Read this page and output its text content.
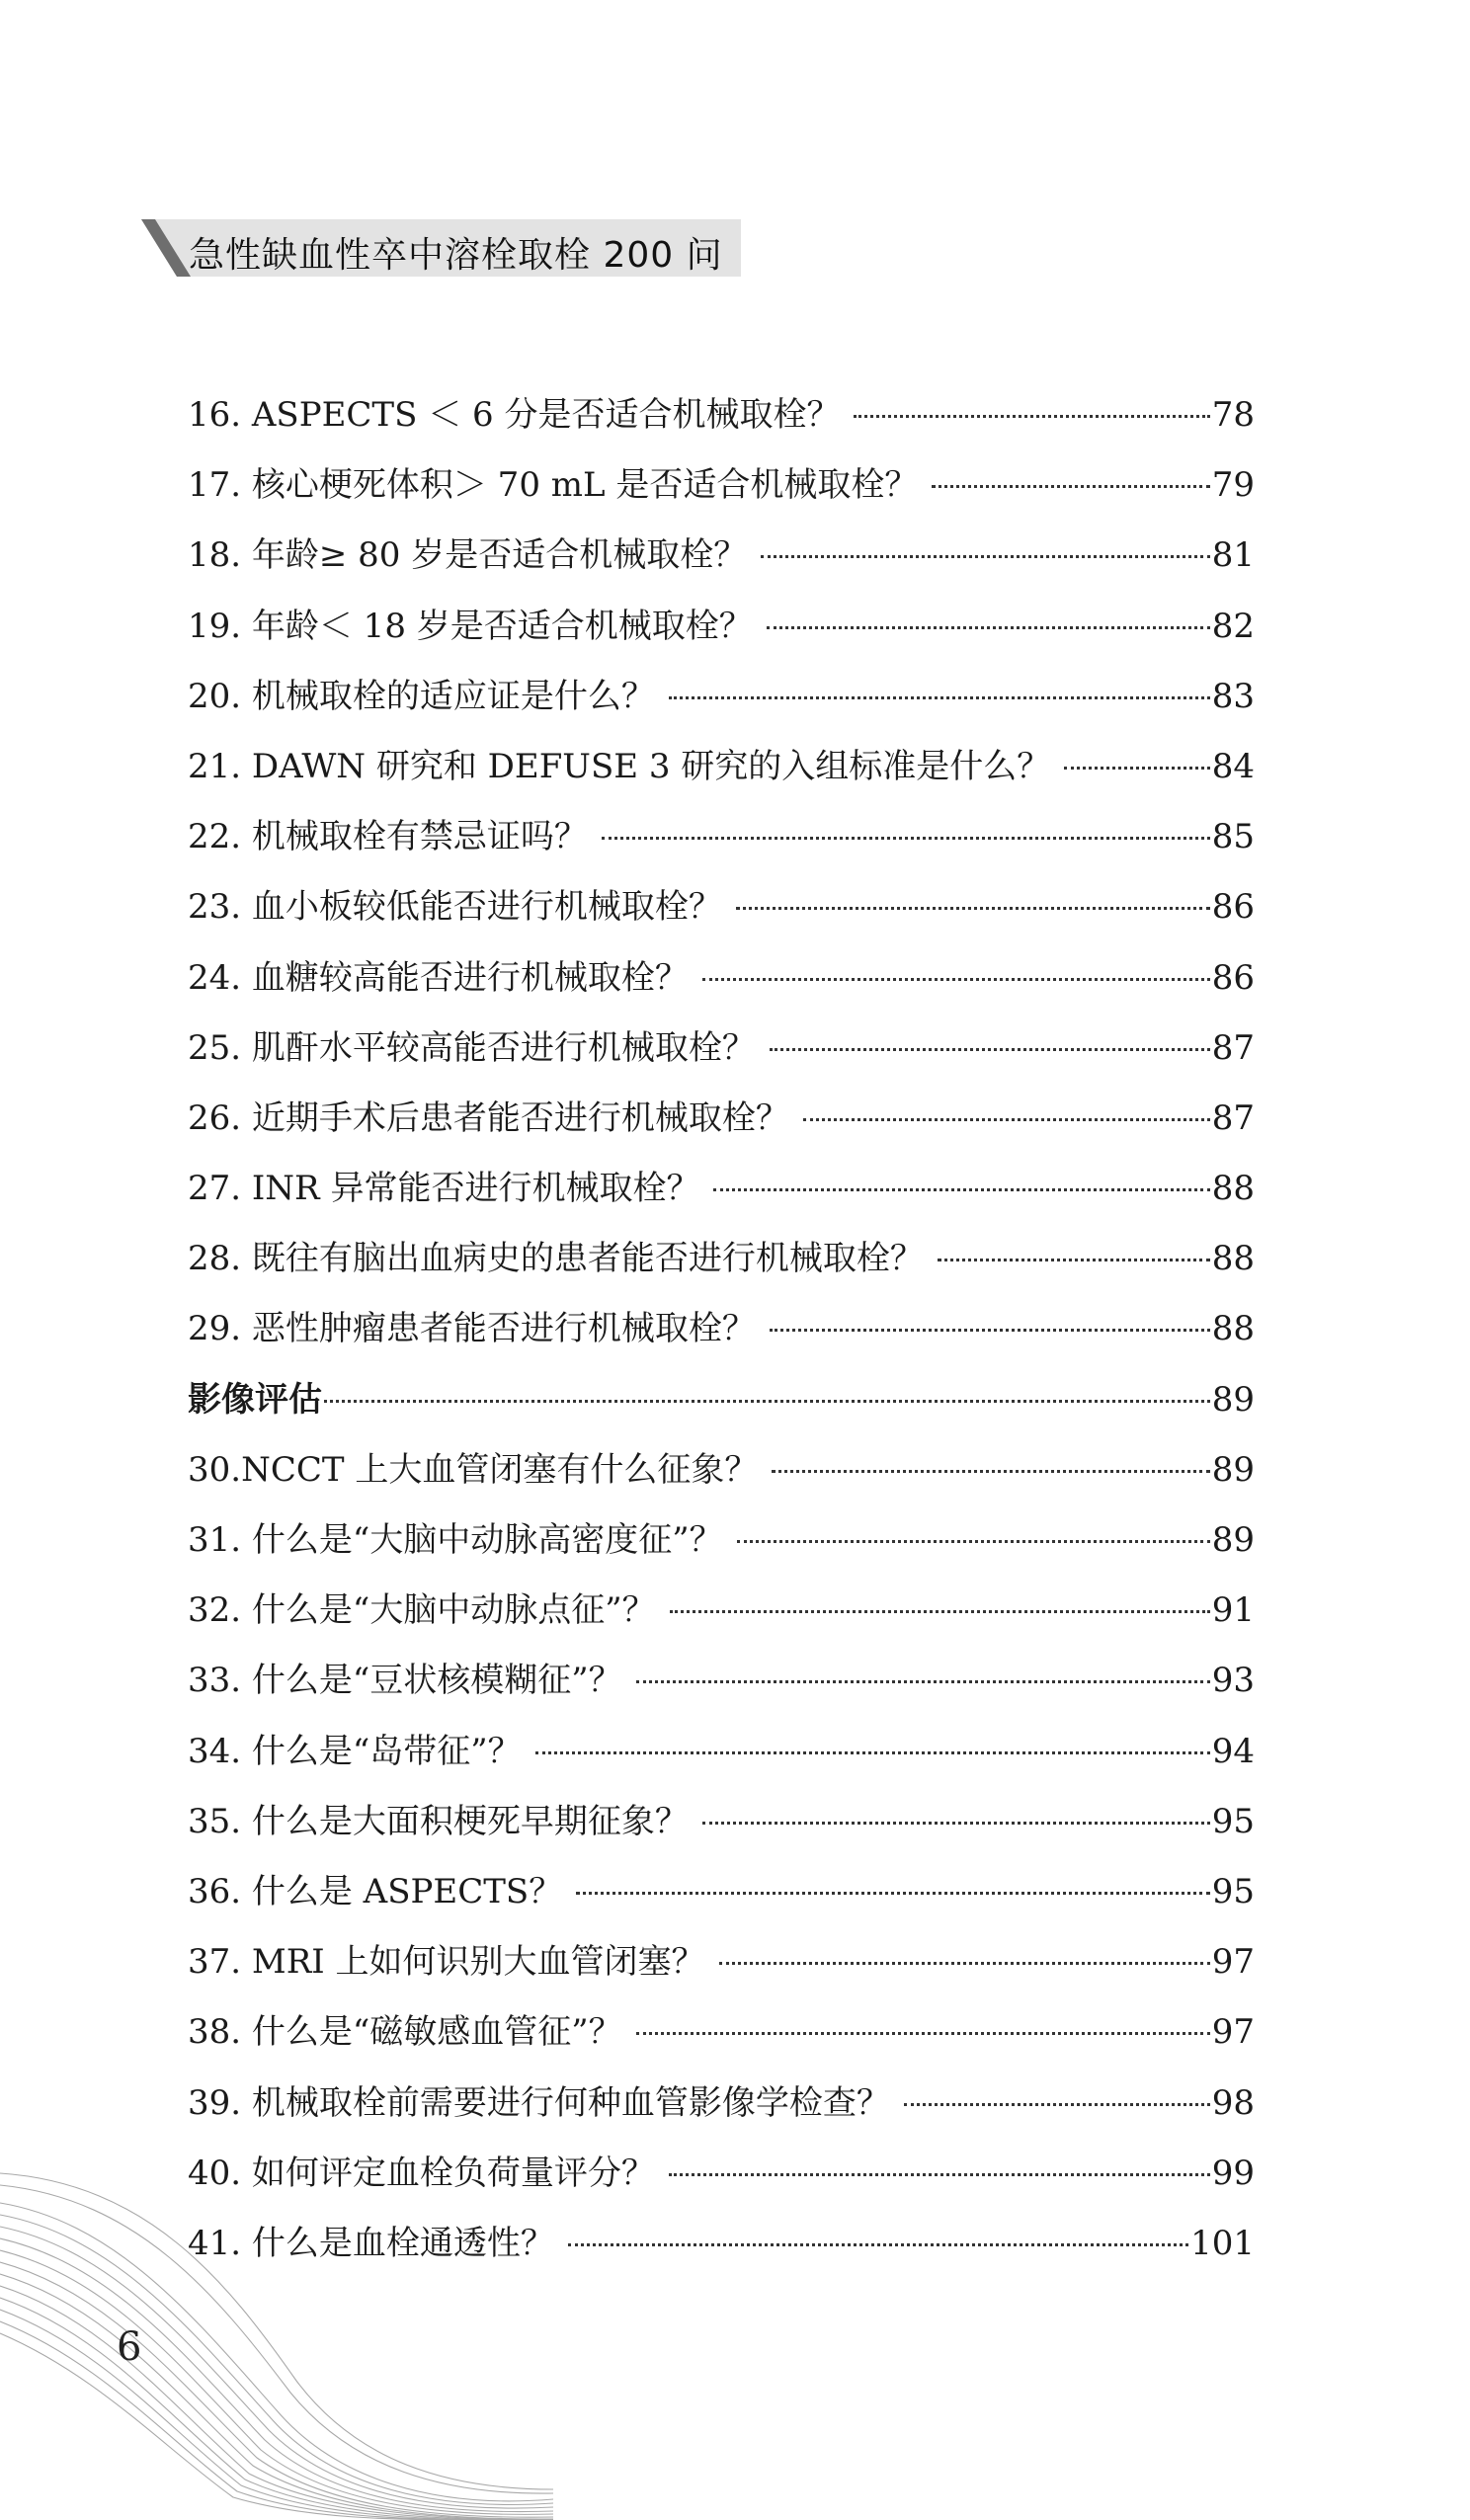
急性缺血性卒中溶栓取栓 200 问
16. ASPECTS ＜ 6 分是否适合机械取栓？	78
17. 核心梗死体积＞ 70 mL 是否适合机械取栓？	79
18. 年龄≥ 80 岁是否适合机械取栓？	81
19. 年龄＜ 18 岁是否适合机械取栓？	82
20. 机械取栓的适应证是什么？	83
21. DAWN 研究和 DEFUSE 3 研究的入组标准是什么？	84
22. 机械取栓有禁忌证吗？	85
23. 血小板较低能否进行机械取栓？	86
24. 血糖较高能否进行机械取栓？	86
25. 肌酐水平较高能否进行机械取栓？	87
26. 近期手术后患者能否进行机械取栓？	87
27. INR 异常能否进行机械取栓？	88
28. 既往有脑出血病史的患者能否进行机械取栓？	88
29. 恶性肿瘤患者能否进行机械取栓？	88
影像评估	89
30.NCCT 上大血管闭塞有什么征象？	89
31. 什么是“大脑中动脉高密度征”？	89
32. 什么是“大脑中动脉点征”？	91
33. 什么是“豆状核模糊征”？	93
34. 什么是“岛带征”？	94
35. 什么是大面积梗死早期征象？	95
36. 什么是 ASPECTS？	95
37. MRI 上如何识别大血管闭塞？	97
38. 什么是“磁敏感血管征”？	97
39. 机械取栓前需要进行何种血管影像学检查？	98
40. 如何评定血栓负荷量评分？	99
41. 什么是血栓通透性？	101
6
